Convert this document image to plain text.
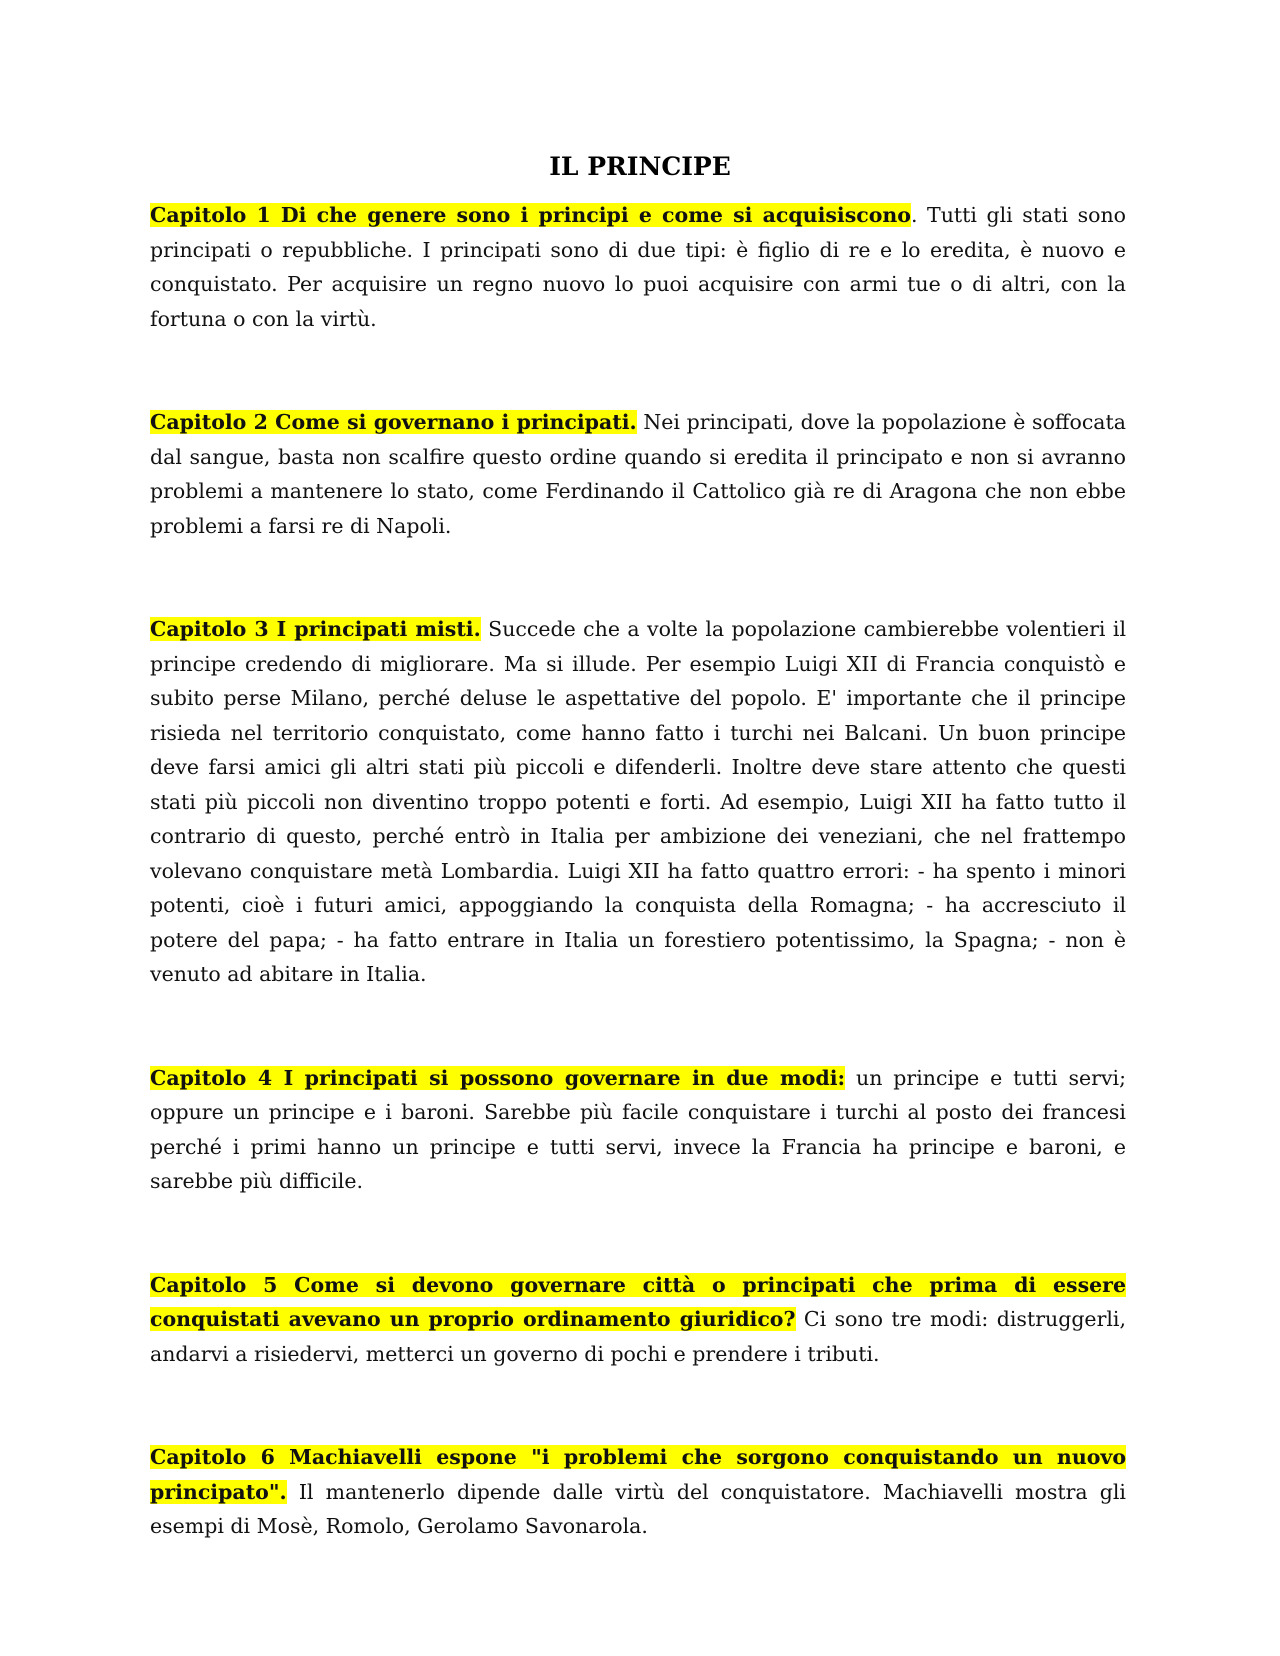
IL PRINCIPE

Capitolo 1 Di che genere sono i principi e come si acquisiscono. Tutti gli stati sono principati o repubbliche. I principati sono di due tipi: è figlio di re e lo eredita, è nuovo e conquistato. Per acquisire un regno nuovo lo puoi acquisire con armi tue o di altri, con la fortuna o con la virtù.

Capitolo 2 Come si governano i principati. Nei principati, dove la popolazione è soffocata dal sangue, basta non scalfire questo ordine quando si eredita il principato e non si avranno problemi a mantenere lo stato, come Ferdinando il Cattolico già re di Aragona che non ebbe problemi a farsi re di Napoli.

Capitolo 3 I principati misti. Succede che a volte la popolazione cambierebbe volentieri il principe credendo di migliorare. Ma si illude. Per esempio Luigi XII di Francia conquistò e subito perse Milano, perché deluse le aspettative del popolo. E' importante che il principe risieda nel territorio conquistato, come hanno fatto i turchi nei Balcani. Un buon principe deve farsi amici gli altri stati più piccoli e difenderli. Inoltre deve stare attento che questi stati più piccoli non diventino troppo potenti e forti. Ad esempio, Luigi XII ha fatto tutto il contrario di questo, perché entrò in Italia per ambizione dei veneziani, che nel frattempo volevano conquistare metà Lombardia. Luigi XII ha fatto quattro errori: - ha spento i minori potenti, cioè i futuri amici, appoggiando la conquista della Romagna; - ha accresciuto il potere del papa; - ha fatto entrare in Italia un forestiero potentissimo, la Spagna; - non è venuto ad abitare in Italia.

Capitolo 4 I principati si possono governare in due modi: un principe e tutti servi; oppure un principe e i baroni. Sarebbe più facile conquistare i turchi al posto dei francesi perché i primi hanno un principe e tutti servi, invece la Francia ha principe e baroni, e sarebbe più difficile.

Capitolo 5 Come si devono governare città o principati che prima di essere conquistati avevano un proprio ordinamento giuridico? Ci sono tre modi: distruggerli, andarvi a risiedervi, metterci un governo di pochi e prendere i tributi.

Capitolo 6 Machiavelli espone "i problemi che sorgono conquistando un nuovo principato". Il mantenerlo dipende dalle virtù del conquistatore. Machiavelli mostra gli esempi di Mosè, Romolo, Gerolamo Savonarola.
